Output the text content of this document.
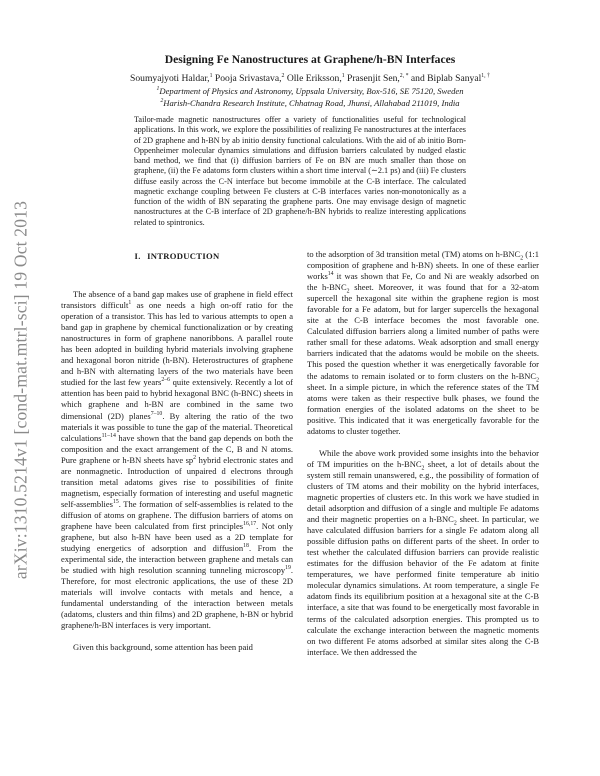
arXiv:1310.5214v1 [cond-mat.mtrl-sci] 19 Oct 2013
Designing Fe Nanostructures at Graphene/h-BN Interfaces
Soumyajyoti Haldar,$^1$ Pooja Srivastava,$^2$ Olle Eriksson,$^1$ Prasenjit Sen,$^{2, *}$ and Biplab Sanyal$^{1, \dagger}$
$^1$Department of Physics and Astronomy, Uppsala University, Box-516, SE 75120, Sweden
$^2$Harish-Chandra Research Institute, Chhatnag Road, Jhunsi, Allahabad 211019, India
Tailor-made magnetic nanostructures offer a variety of functionalities useful for technological applications. In this work, we explore the possibilities of realizing Fe nanostructures at the interfaces of 2D graphene and h-BN by ab initio density functional calculations. With the aid of ab initio Born-Oppenheimer molecular dynamics simulations and diffusion barriers calculated by nudged elastic band method, we find that (i) diffusion barriers of Fe on BN are much smaller than those on graphene, (ii) the Fe adatoms form clusters within a short time interval (∼2.1 ps) and (iii) Fe clusters diffuse easily across the C-N interface but become immobile at the C-B interface. The calculated magnetic exchange coupling between Fe clusters at C-B interfaces varies non-monotonically as a function of the width of BN separating the graphene parts. One may envisage design of magnetic nanostructures at the C-B interface of 2D graphene/h-BN hybrids to realize interesting applications related to spintronics.
I. INTRODUCTION

The absence of a band gap makes use of graphene in field effect transistors difficult$^1$ as one needs a high on-off ratio for the operation of a transistor. This has led to various attempts to open a band gap in graphene by chemical functionalization or by creating nanostructures in form of graphene nanoribbons. A parallel route has been adopted in building hybrid materials involving graphene and hexagonal boron nitride (h-BN). Heterostructures of graphene and h-BN with alternating layers of the two materials have been studied for the last few years$^{2-6}$ quite extensively. Recently a lot of attention has been paid to hybrid hexagonal BNC (h-BNC) sheets in which graphene and h-BN are combined in the same two dimensional (2D) planes$^{7-10}$. By altering the ratio of the two materials it was possible to tune the gap of the material. Theoretical calculations$^{11-14}$ have shown that the band gap depends on both the composition and the exact arrangement of the C, B and N atoms. Pure graphene or h-BN sheets have $sp^2$ hybrid electronic states and are nonmagnetic. Introduction of unpaired d electrons through transition metal adatoms gives rise to possibilities of finite magnetism, especially formation of interesting and useful magnetic self-assemblies$^{15}$. The formation of self-assemblies is related to the diffusion of atoms on graphene. The diffusion barriers of atoms on graphene have been calculated from first principles$^{16,17}$. Not only graphene, but also h-BN have been used as a 2D template for studying energetics of adsorption and diffusion$^{18}$. From the experimental side, the interaction between graphene and metals can be studied with high resolution scanning tunneling microscopy$^{19}$. Therefore, for most electronic applications, the use of these 2D materials will involve contacts with metals and hence, a fundamental understanding of the interaction between metals (adatoms, clusters and thin films) and 2D graphene, h-BN or hybrid graphene/h-BN interfaces is very important.

Given this background, some attention has been paid

to the adsorption of 3d transition metal (TM) atoms on $h-BNC_2$ (1:1 composition of graphene and h-BN) sheets. In one of these earlier works$^{14}$ it was shown that Fe, Co and Ni are weakly adsorbed on the $h-BNC_2$ sheet. Moreover, it was found that for a 32-atom supercell the hexagonal site within the graphene region is most favorable for a Fe adatom, but for larger supercells the hexagonal site at the C-B interface becomes the most favorable one. Calculated diffusion barriers along a limited number of paths were rather small for these adatoms. Weak adsorption and small energy barriers indicated that the adatoms would be mobile on the sheets. This posed the question whether it was energetically favorable for the adatoms to remain isolated or to form clusters on the $h-BNC_2$ sheet. In a simple picture, in which the reference states of the TM atoms were taken as their respective bulk phases, we found the formation energies of the isolated adatoms on the sheet to be positive. This indicated that it was energetically favorable for the adatoms to cluster together.

While the above work provided some insights into the behavior of TM impurities on the $h-BNC_2$ sheet, a lot of details about the system still remain unanswered, e.g., the possibility of formation of clusters of TM atoms and their mobility on the hybrid interfaces, magnetic properties of clusters etc. In this work we have studied in detail adsorption and diffusion of a single and multiple Fe adatoms and their magnetic properties on a $h-BNC_2$ sheet. In particular, we have calculated diffusion barriers for a single Fe adatom along all possible diffusion paths on different parts of the sheet. In order to test whether the calculated diffusion barriers can provide realistic estimates for the diffusion behavior of the Fe adatom at finite temperatures, we have performed finite temperature ab initio molecular dynamics simulations. At room temperature, a single Fe adatom finds its equilibrium position at a hexagonal site at the C-B interface, a site that was found to be energetically most favorable in terms of the calculated adsorption energies. This prompted us to calculate the exchange interaction between the magnetic moments on two different Fe atoms adsorbed at similar sites along the C-B interface. We then addressed the
